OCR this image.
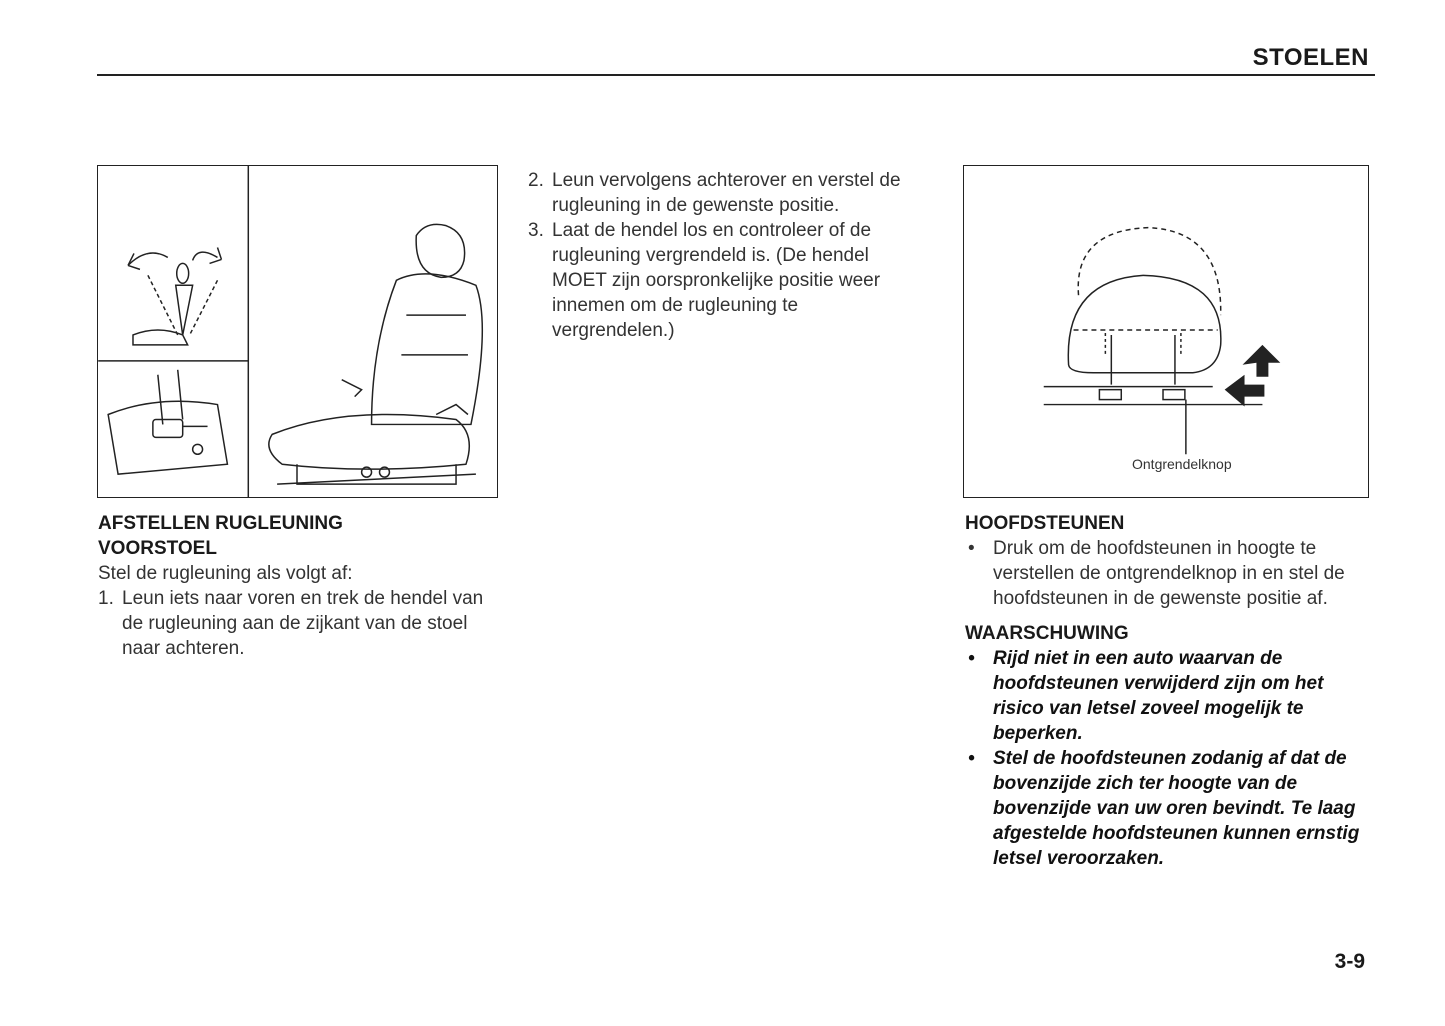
STOELEN
Ontgrendelknop

AFSTELLEN RUGLEUNING

VOORSTOEL

Stel de rugleuning als volgt af:

1. Leun iets naar voren en trek de hendel van de rugleuning aan de zijkant van de stoel naar achteren.
2. Leun vervolgens achterover en verstel de rugleuning in de gewenste positie.
3. Laat de hendel los en controleer of de rugleuning vergrendeld is. (De hendel MOET zijn oorspronkelijke positie weer innemen om de rugleuning te vergrendelen.)

HOOFDSTEUNEN

• Druk om de hoofdsteunen in hoogte te verstellen de ontgrendelknop in en stel de hoofdsteunen in de gewenste positie af.

WAARSCHUWING

• Rijd niet in een auto waarvan de hoofdsteunen verwijderd zijn om het risico van letsel zoveel mogelijk te beperken.
• Stel de hoofdsteunen zodanig af dat de bovenzijde zich ter hoogte van de bovenzijde van uw oren bevindt. Te laag afgestelde hoofdsteunen kunnen ernstig letsel veroorzaken.

3-9
